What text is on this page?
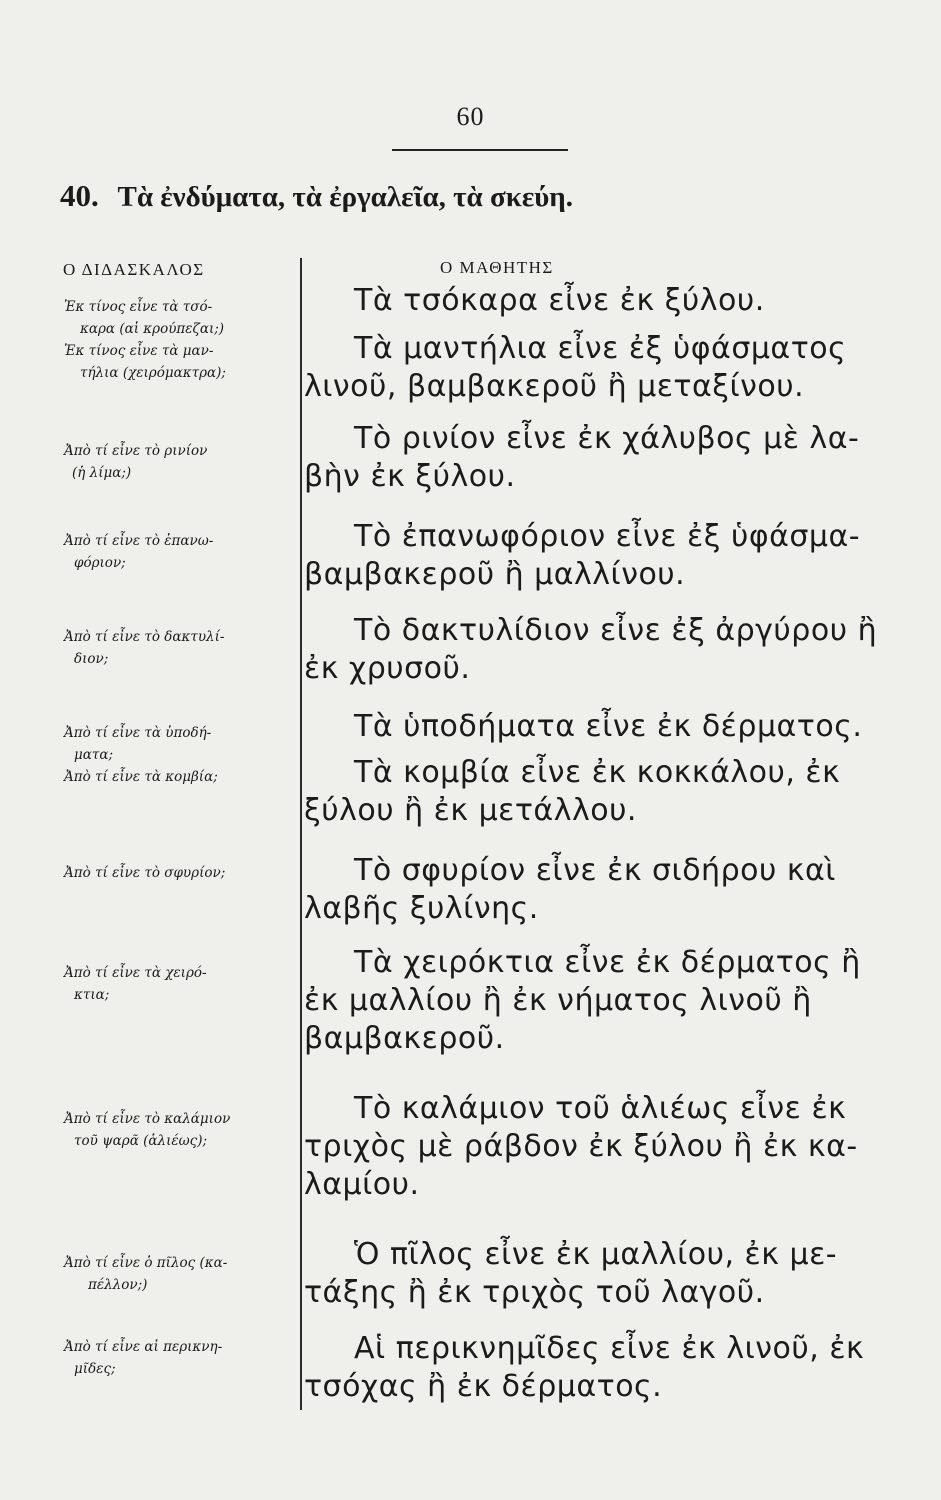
60
40. Τὰ ἐνδύματα, τὰ ἐργαλεῖα, τὰ σκεύη.
Ο ΔΙΔΑΣΚΑΛΟΣ	Ο ΜΑΘΗΤΗΣ
Ἐκ τίνος εἶνε τὰ τσό-
καρα (αἱ κρούπεζαι;)
Ἐκ τίνος εἶνε τὰ μαν-
τήλια (χειρόμακτρα);
Ἀπὸ τί εἶνε τὸ ρινίον
(ἡ λίμα;)
Ἀπὸ τί εἶνε τὸ ἐπανω-
φόριον;
Ἀπὸ τί εἶνε τὸ δακτυλί-
διον;
Ἀπὸ τί εἶνε τὰ ὑποδή-
ματα;
Ἀπὸ τί εἶνε τὰ κομβία;
Ἀπὸ τί εἶνε τὸ σφυρίον;
Ἀπὸ τί εἶνε τὰ χειρό-
κτια;
Ἀπὸ τί εἶνε τὸ καλάμιον
τοῦ ψαρᾶ (ἁλιέως);
Ἀπὸ τί εἶνε ὁ πῖλος (κα-
πέλλον;)
Ἀπὸ τί εἶνε αἱ περικνη-
μῖδες;
Τὰ τσόκαρα εἶνε ἐκ ξύλου.
Τὰ μαντήλια εἶνε ἐξ ὑφάσματος
λινοῦ, βαμβακεροῦ ἢ μεταξίνου.
Τὸ ρινίον εἶνε ἐκ χάλυβος μὲ λα-
βὴν ἐκ ξύλου.
Τὸ ἐπανωφόριον εἶνε ἐξ ὑφάσμα-
βαμβακεροῦ ἢ μαλλίνου.
Τὸ δακτυλίδιον εἶνε ἐξ ἀργύρου ἢ
ἐκ χρυσοῦ.
Τὰ ὑποδήματα εἶνε ἐκ δέρματος.
Τὰ κομβία εἶνε ἐκ κοκκάλου, ἐκ
ξύλου ἢ ἐκ μετάλλου.
Τὸ σφυρίον εἶνε ἐκ σιδήρου καὶ
λαβῆς ξυλίνης.
Τὰ χειρόκτια εἶνε ἐκ δέρματος ἢ
ἐκ μαλλίου ἢ ἐκ νήματος λινοῦ ἢ
βαμβακεροῦ.
Τὸ καλάμιον τοῦ ἁλιέως εἶνε ἐκ
τριχὸς μὲ ράβδον ἐκ ξύλου ἢ ἐκ κα-
λαμίου.
Ὁ πῖλος εἶνε ἐκ μαλλίου, ἐκ με-
τάξης ἢ ἐκ τριχὸς τοῦ λαγοῦ.
Αἱ περικνημῖδες εἶνε ἐκ λινοῦ, ἐκ
τσόχας ἢ ἐκ δέρματος.
